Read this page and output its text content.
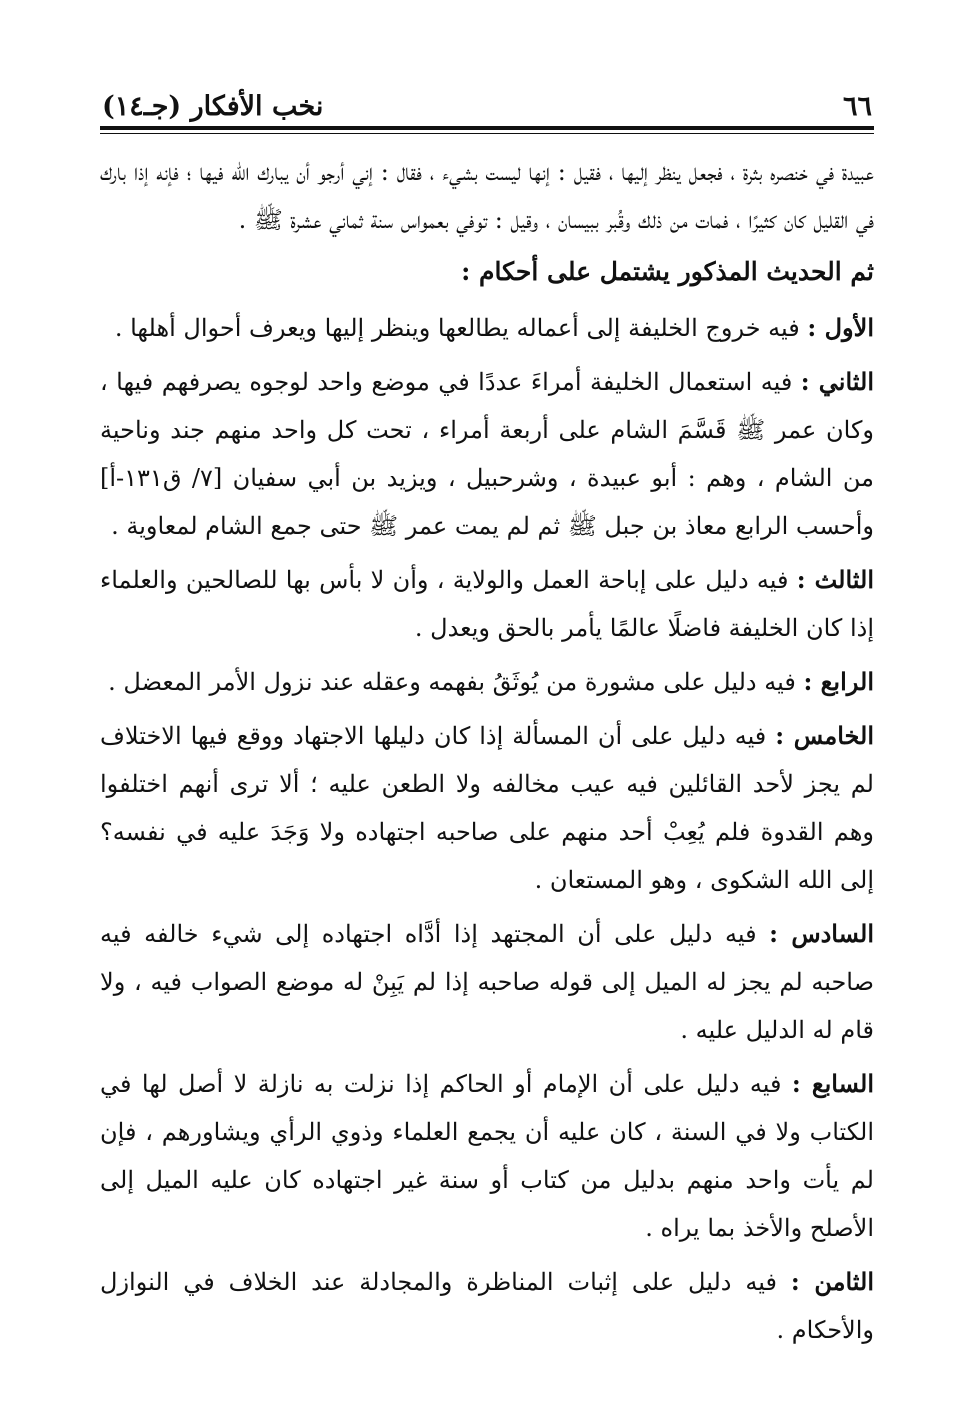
٦٦
نخب الأفكار (جـ١٤)

عبيدة في خنصره بثرة ، فجعل ينظر إليها ، فقيل : إنها ليست بشيء ، فقال : إني أرجو أن يبارك الله فيها ؛ فإنه إذا بارك في القليل كان كثيرًا ، فمات من ذلك وقُبر ببيسان ، وقيل : توفي بعمواس سنة ثماني عشرة ﷺ .

ثم الحديث المذكور يشتمل على أحكام :

الأول : فيه خروج الخليفة إلى أعماله يطالعها وينظر إليها ويعرف أحوال أهلها .

الثاني : فيه استعمال الخليفة أمراءَ عددًا في موضع واحد لوجوه يصرفهم فيها ، وكان عمر ﷺ قَسَّمَ الشام على أربعة أمراء ، تحت كل واحد منهم جند وناحية من الشام ، وهم : أبو عبيدة ، وشرحبيل ، ويزيد بن أبي سفيان [٧/ ق١٣١-أ] وأحسب الرابع معاذ بن جبل ﷺ ثم لم يمت عمر ﷺ حتى جمع الشام لمعاوية .

الثالث : فيه دليل على إباحة العمل والولاية ، وأن لا بأس بها للصالحين والعلماء إذا كان الخليفة فاضلًا عالمًا يأمر بالحق ويعدل .

الرابع : فيه دليل على مشورة من يُوثَقُ بفهمه وعقله عند نزول الأمر المعضل .

الخامس : فيه دليل على أن المسألة إذا كان دليلها الاجتهاد ووقع فيها الاختلاف لم يجز لأحد القائلين فيه عيب مخالفه ولا الطعن عليه ؛ ألا ترى أنهم اختلفوا وهم القدوة فلم يُعِبْ أحد منهم على صاحبه اجتهاده ولا وَجَدَ عليه في نفسه؟ إلى الله الشكوى ، وهو المستعان .

السادس : فيه دليل على أن المجتهد إذا أدَّاه اجتهاده إلى شيء خالفه فيه صاحبه لم يجز له الميل إلى قوله صاحبه إذا لم يَبِنْ له موضع الصواب فيه ، ولا قام له الدليل عليه .

السابع : فيه دليل على أن الإمام أو الحاكم إذا نزلت به نازلة لا أصل لها في الكتاب ولا في السنة ، كان عليه أن يجمع العلماء وذوي الرأي ويشاورهم ، فإن لم يأت واحد منهم بدليل من كتاب أو سنة غير اجتهاده كان عليه الميل إلى الأصلح والأخذ بما يراه .

الثامن : فيه دليل على إثبات المناظرة والمجادلة عند الخلاف في النوازل والأحكام .
